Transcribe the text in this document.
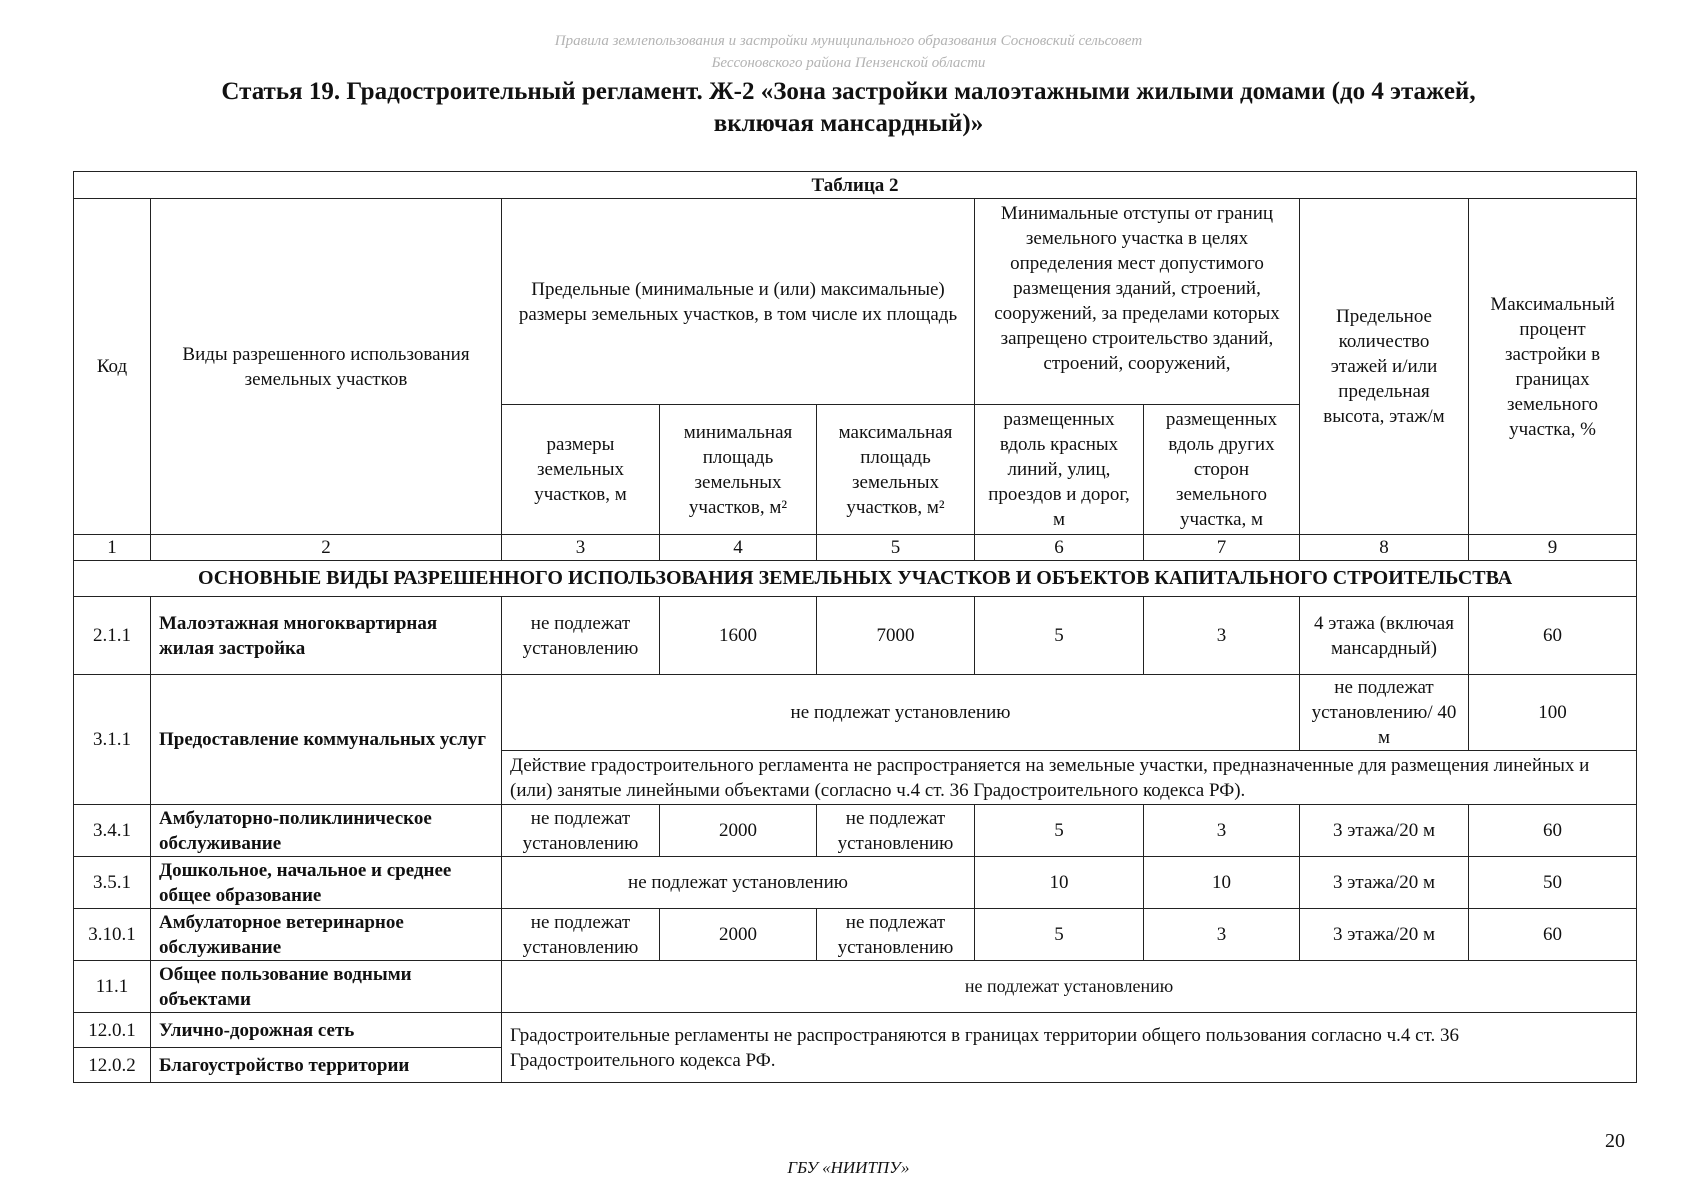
Правила землепользования и застройки муниципального образования Сосновский сельсовет
Бессоновского района Пензенской области
Статья 19. Градостроительный регламент. Ж-2 «Зона застройки малоэтажными жилыми домами (до 4 этажей,
включая мансардный)»
Таблица 2								
Код	Виды разрешенного использования земельных участков	Предельные (минимальные и (или) максимальные) размеры земельных участков, в том числе их площадь			Минимальные отступы от границ земельного участка в целях определения мест допустимого размещения зданий, строений, сооружений, за пределами которых запрещено строительство зданий, строений, сооружений,		Предельное количество этажей и/или предельная высота, этаж/м	Максимальный процент застройки в границах земельного участка, %
		размеры земельных участков, м	минимальная площадь земельных участков, м²	максимальная площадь земельных участков, м²	размещенных вдоль красных линий, улиц, проездов и дорог, м	размещенных вдоль других сторон земельного участка, м		
1	2	3	4	5	6	7	8	9
ОСНОВНЫЕ ВИДЫ РАЗРЕШЕННОГО ИСПОЛЬЗОВАНИЯ ЗЕМЕЛЬНЫХ УЧАСТКОВ И ОБЪЕКТОВ КАПИТАЛЬНОГО СТРОИТЕЛЬСТВА								
2.1.1	Малоэтажная многоквартирная жилая застройка	не подлежат установлению	1600	7000	5	3	4 этажа (включая мансардный)	60
3.1.1	Предоставление коммунальных услуг	не подлежат установлению					не подлежат установлению/ 40 м	100
		Действие градостроительного регламента не распространяется на земельные участки, предназначенные для размещения линейных и (или) занятые линейными объектами (согласно ч.4 ст. 36 Градостроительного кодекса РФ).						
3.4.1	Амбулаторно-поликлиническое обслуживание	не подлежат установлению	2000	не подлежат установлению	5	3	3 этажа/20 м	60
3.5.1	Дошкольное, начальное и среднее общее образование	не подлежат установлению			10	10	3 этажа/20 м	50
3.10.1	Амбулаторное ветеринарное обслуживание	не подлежат установлению	2000	не подлежат установлению	5	3	3 этажа/20 м	60
11.1	Общее пользование водными объектами	не подлежат установлению						
12.0.1	Улично-дорожная сеть	Градостроительные регламенты не распространяются в границах территории общего пользования согласно ч.4 ст. 36 Градостроительного кодекса РФ.						
12.0.2	Благоустройство территории							
20
ГБУ «НИИТПУ»
